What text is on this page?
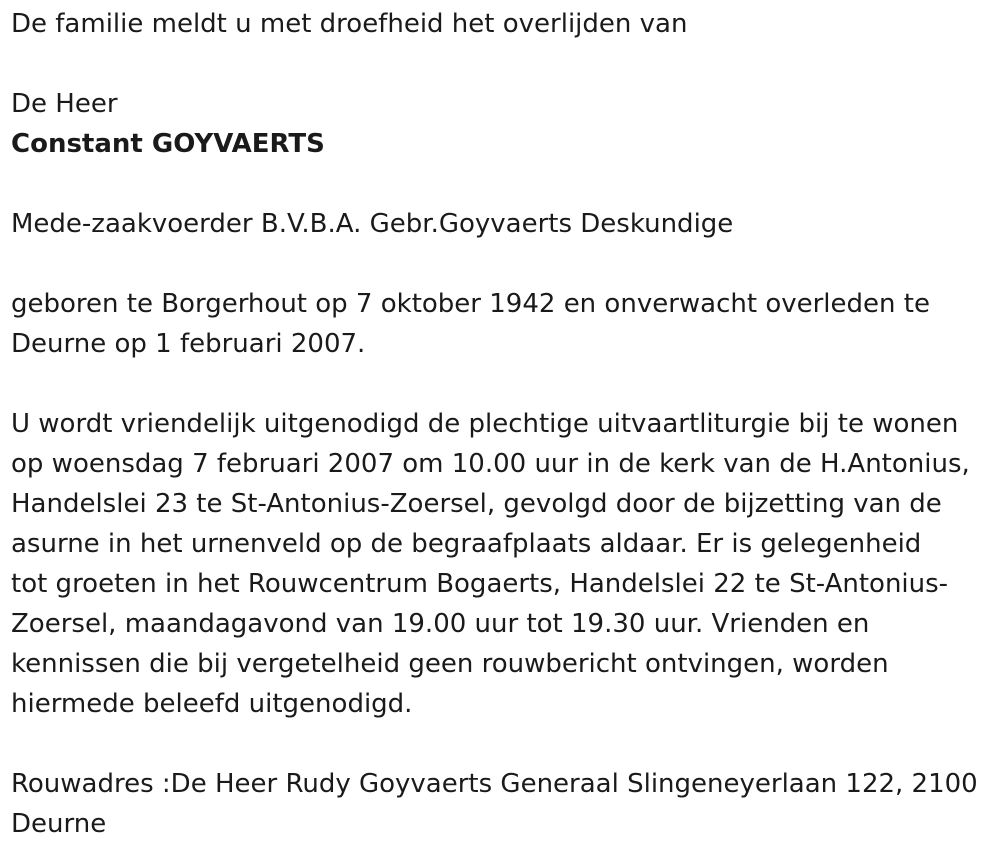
De familie meldt u met droefheid het overlijden van
De Heer
Constant GOYVAERTS
Mede-zaakvoerder B.V.B.A. Gebr.Goyvaerts Deskundige
geboren te Borgerhout op 7 oktober 1942 en onverwacht overleden te
Deurne op 1 februari 2007.
U wordt vriendelijk uitgenodigd de plechtige uitvaartliturgie bij te wonen
op woensdag 7 februari 2007 om 10.00 uur in de kerk van de H.Antonius,
Handelslei 23 te St-Antonius-Zoersel, gevolgd door de bijzetting van de
asurne in het urnenveld op de begraafplaats aldaar. Er is gelegenheid
tot groeten in het Rouwcentrum Bogaerts, Handelslei 22 te St-Antonius-
Zoersel, maandagavond van 19.00 uur tot 19.30 uur. Vrienden en
kennissen die bij vergetelheid geen rouwbericht ontvingen, worden
hiermede beleefd uitgenodigd.
Rouwadres :De Heer Rudy Goyvaerts Generaal Slingeneyerlaan 122, 2100
Deurne
